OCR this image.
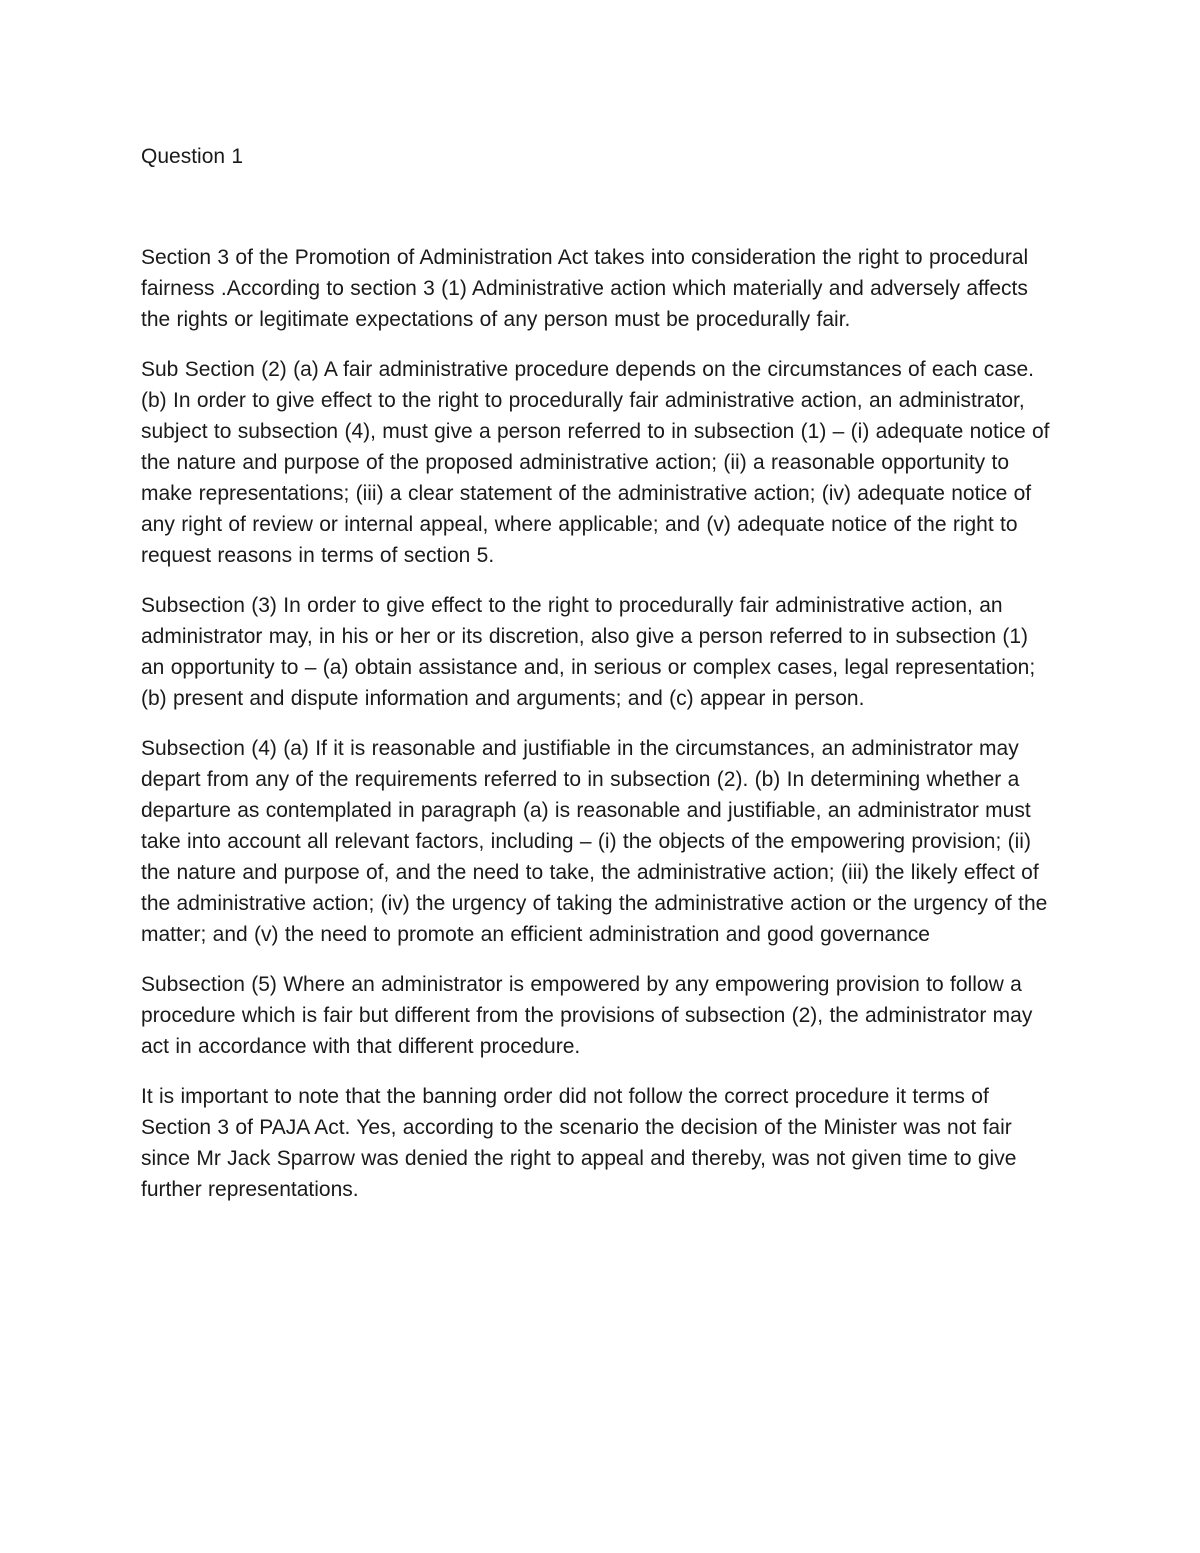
Question 1

Section 3 of the Promotion of Administration Act takes into consideration the right to procedural fairness .According to section 3 (1) Administrative action which materially and adversely affects the rights or legitimate expectations of any person must be procedurally fair.

Sub Section (2) (a) A fair administrative procedure depends on the circumstances of each case. (b) In order to give effect to the right to procedurally fair administrative action, an administrator, subject to subsection (4), must give a person referred to in subsection (1) – (i) adequate notice of the nature and purpose of the proposed administrative action; (ii) a reasonable opportunity to make representations; (iii) a clear statement of the administrative action; (iv) adequate notice of any right of review or internal appeal, where applicable; and (v) adequate notice of the right to request reasons in terms of section 5.

Subsection (3) In order to give effect to the right to procedurally fair administrative action, an administrator may, in his or her or its discretion, also give a person referred to in subsection (1) an opportunity to – (a) obtain assistance and, in serious or complex cases, legal representation; (b) present and dispute information and arguments; and (c) appear in person.

Subsection (4) (a) If it is reasonable and justifiable in the circumstances, an administrator may depart from any of the requirements referred to in subsection (2). (b) In determining whether a departure as contemplated in paragraph (a) is reasonable and justifiable, an administrator must take into account all relevant factors, including – (i) the objects of the empowering provision; (ii) the nature and purpose of, and the need to take, the administrative action; (iii) the likely effect of the administrative action; (iv) the urgency of taking the administrative action or the urgency of the matter; and (v) the need to promote an efficient administration and good governance

Subsection (5) Where an administrator is empowered by any empowering provision to follow a procedure which is fair but different from the provisions of subsection (2), the administrator may act in accordance with that different procedure.

It is important to note that the banning order did not follow the correct procedure it terms of Section 3 of PAJA Act. Yes, according to the scenario the decision of the Minister was not fair since Mr Jack Sparrow was denied the right to appeal and thereby, was not given time to give further representations.
